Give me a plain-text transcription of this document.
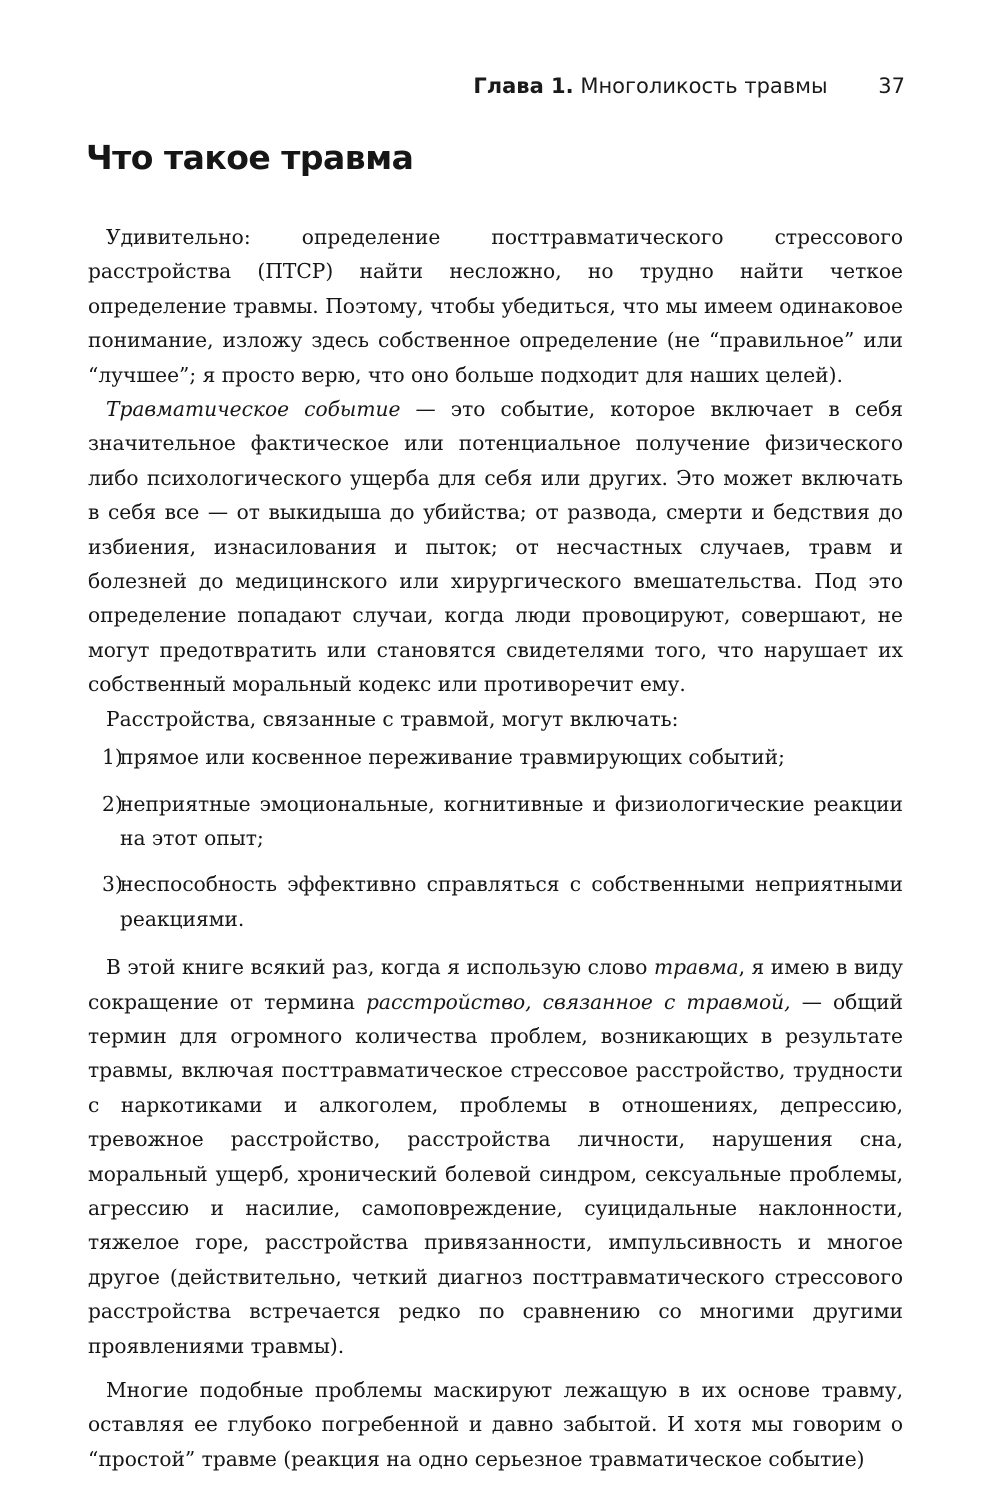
Глава 1. Многоликость травмы 37
Что такое травма

Удивительно: определение посттравматического стрессового расстройства (ПТСР) найти несложно, но трудно найти четкое определение травмы. Поэтому, чтобы убедиться, что мы имеем одинаковое понимание, изложу здесь собственное определение (не “правильное” или “лучшее”; я просто верю, что оно больше подходит для наших целей).

Травматическое событие — это событие, которое включает в себя значительное фактическое или потенциальное получение физического либо психологического ущерба для себя или других. Это может включать в себя все — от выкидыша до убийства; от развода, смерти и бедствия до избиения, изнасилования и пыток; от несчастных случаев, травм и болезней до медицинского или хирургического вмешательства. Под это определение попадают случаи, когда люди провоцируют, совершают, не могут предотвратить или становятся свидетелями того, что нарушает их собственный моральный кодекс или противоречит ему.

Расстройства, связанные с травмой, могут включать:

1)
прямое или косвенное переживание травмирующих событий;
2)
неприятные эмоциональные, когнитивные и физиологические реакции на этот опыт;
3)
неспособность эффективно справляться с собственными неприятными реакциями.

В этой книге всякий раз, когда я использую слово травма, я имею в виду сокращение от термина расстройство, связанное с травмой, — общий термин для огромного количества проблем, возникающих в результате травмы, включая посттравматическое стрессовое расстройство, трудности с наркотиками и алкоголем, проблемы в отношениях, депрессию, тревожное расстройство, расстройства личности, нарушения сна, моральный ущерб, хронический болевой синдром, сексуальные проблемы, агрессию и насилие, самоповреждение, суицидальные наклонности, тяжелое горе, расстройства привязанности, импульсивность и многое другое (действительно, четкий диагноз посттравматического стрессового расстройства встречается редко по сравнению со многими другими проявлениями травмы).

Многие подобные проблемы маскируют лежащую в их основе травму, оставляя ее глубоко погребенной и давно забытой. И хотя мы говорим о “простой” травме (реакция на одно серьезное травматическое событие)
